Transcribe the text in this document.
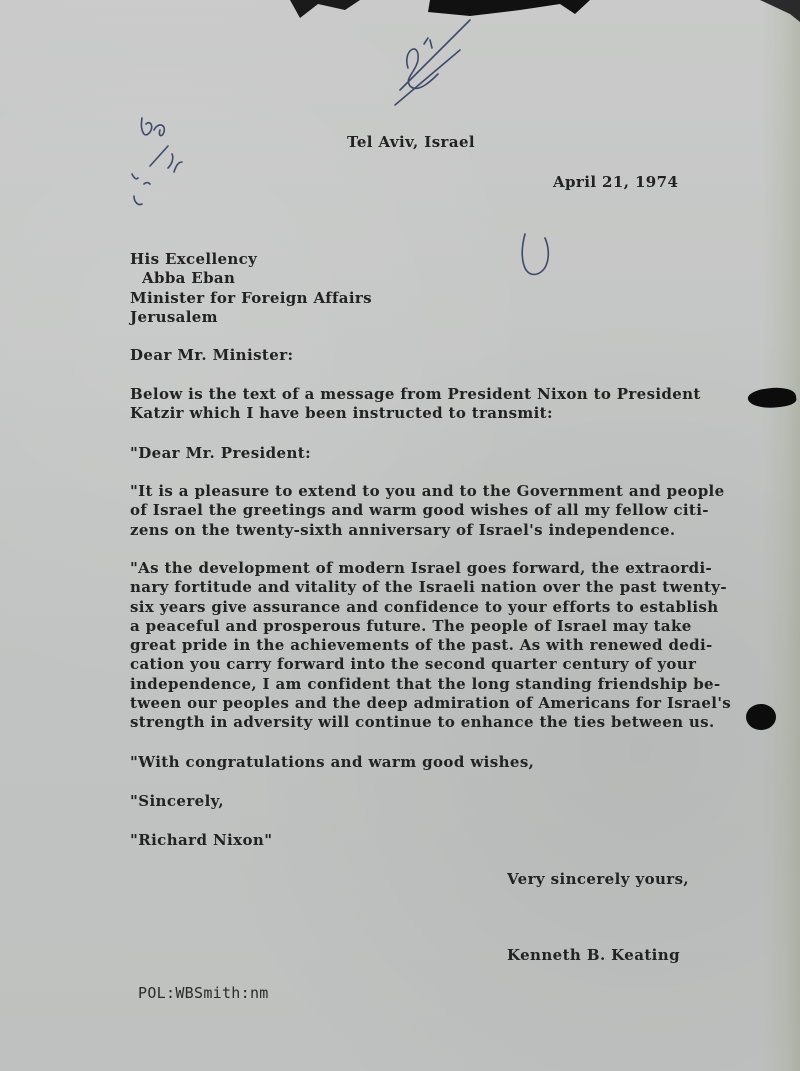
Tel Aviv, Israel
April 21, 1974
His Excellency
Abba Eban
Minister for Foreign Affairs
Jerusalem
Dear Mr. Minister:
Below is the text of a message from President Nixon to President
Katzir which I have been instructed to transmit:
"Dear Mr. President:
"It is a pleasure to extend to you and to the Government and people
of Israel the greetings and warm good wishes of all my fellow citi-
zens on the twenty-sixth anniversary of Israel's independence.
"As the development of modern Israel goes forward, the extraordi-
nary fortitude and vitality of the Israeli nation over the past twenty-
six years give assurance and confidence to your efforts to establish
a peaceful and prosperous future. The people of Israel may take
great pride in the achievements of the past. As with renewed dedi-
cation you carry forward into the second quarter century of your
independence, I am confident that the long standing friendship be-
tween our peoples and the deep admiration of Americans for Israel's
strength in adversity will continue to enhance the ties between us.
"With congratulations and warm good wishes,
"Sincerely,
"Richard Nixon"
Very sincerely yours,
Kenneth B. Keating
POL:WBSmith:nm
